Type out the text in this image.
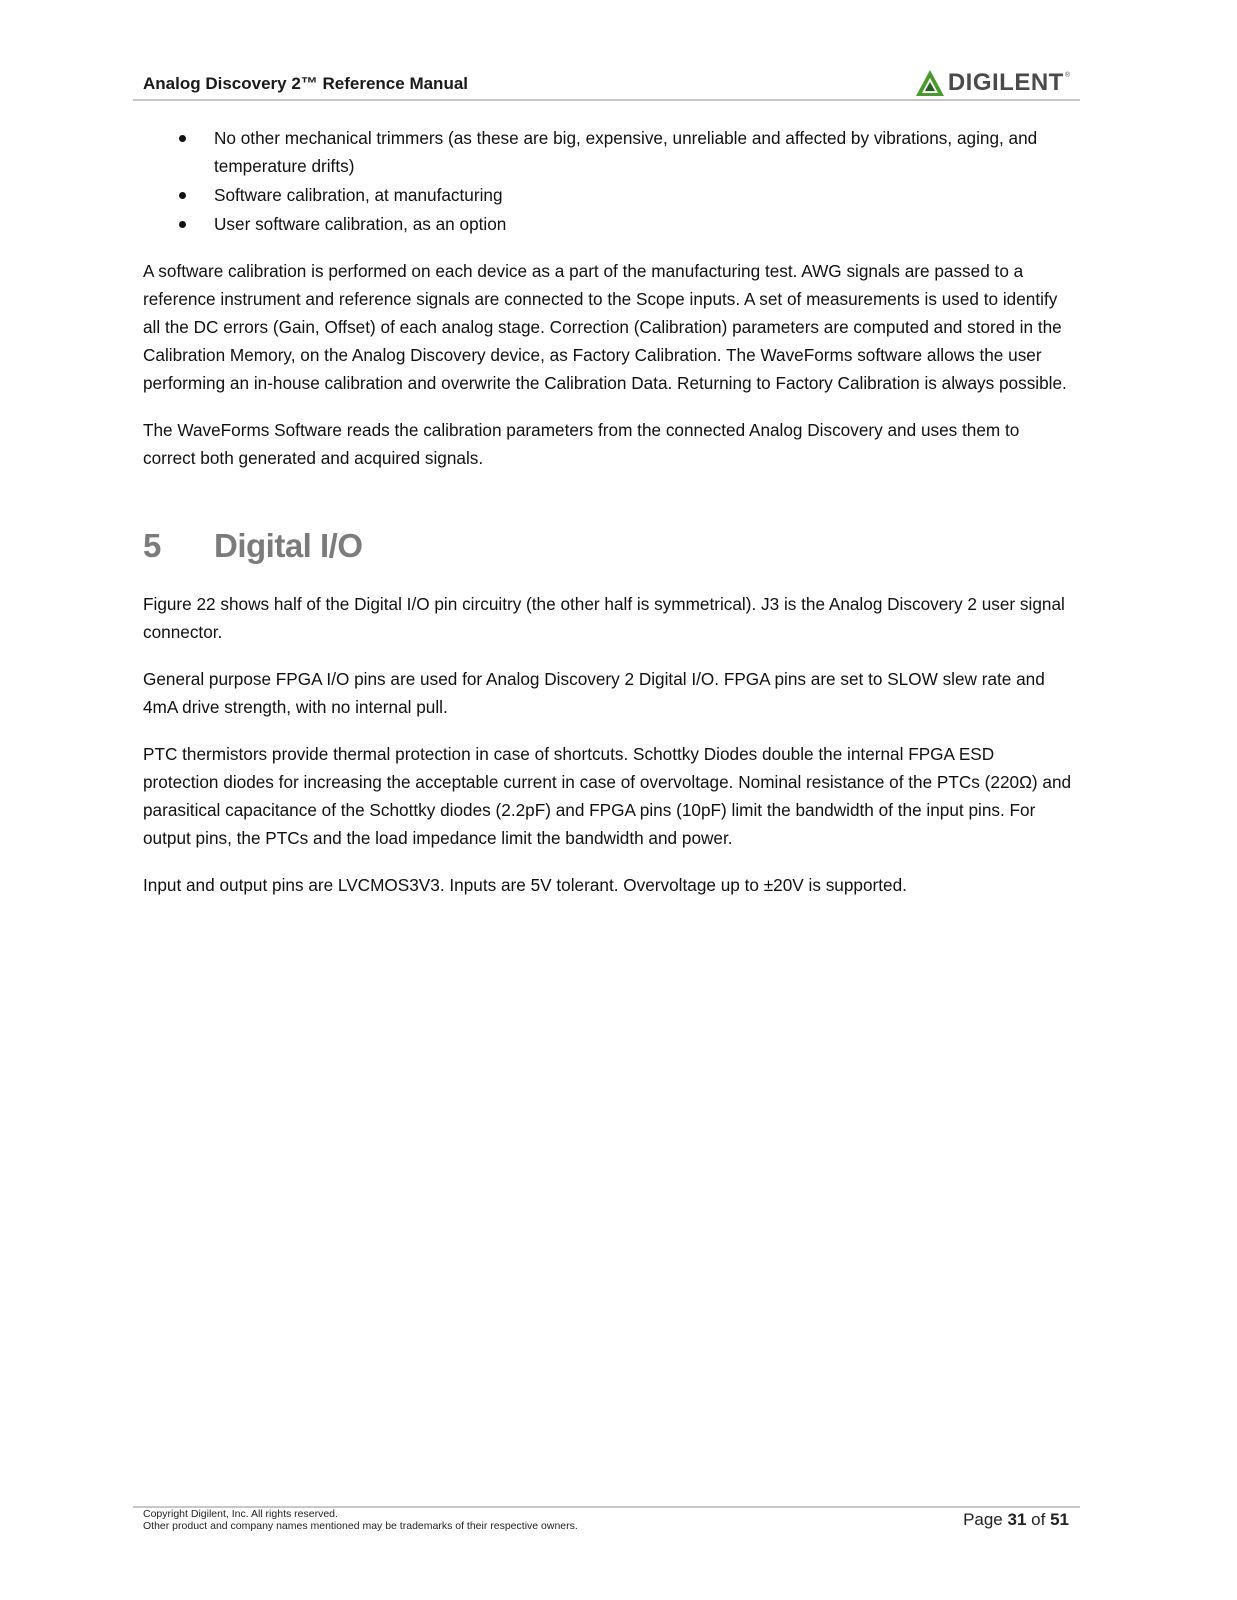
Analog Discovery 2™ Reference Manual	DIGILENT ®
No other mechanical trimmers (as these are big, expensive, unreliable and affected by vibrations, aging, and temperature drifts)
Software calibration, at manufacturing
User software calibration, as an option

A software calibration is performed on each device as a part of the manufacturing test. AWG signals are passed to a reference instrument and reference signals are connected to the Scope inputs. A set of measurements is used to identify all the DC errors (Gain, Offset) of each analog stage. Correction (Calibration) parameters are computed and stored in the Calibration Memory, on the Analog Discovery device, as Factory Calibration. The WaveForms software allows the user performing an in-house calibration and overwrite the Calibration Data. Returning to Factory Calibration is always possible.

The WaveForms Software reads the calibration parameters from the connected Analog Discovery and uses them to correct both generated and acquired signals.

5 Digital I/O

Figure 22 shows half of the Digital I/O pin circuitry (the other half is symmetrical). J3 is the Analog Discovery 2 user signal connector.

General purpose FPGA I/O pins are used for Analog Discovery 2 Digital I/O. FPGA pins are set to SLOW slew rate and 4mA drive strength, with no internal pull.

PTC thermistors provide thermal protection in case of shortcuts. Schottky Diodes double the internal FPGA ESD protection diodes for increasing the acceptable current in case of overvoltage. Nominal resistance of the PTCs (220Ω) and parasitical capacitance of the Schottky diodes (2.2pF) and FPGA pins (10pF) limit the bandwidth of the input pins. For output pins, the PTCs and the load impedance limit the bandwidth and power.

Input and output pins are LVCMOS3V3. Inputs are 5V tolerant. Overvoltage up to ±20V is supported.

Copyright Digilent, Inc. All rights reserved.
Other product and company names mentioned may be trademarks of their respective owners.	Page 31 of 51
